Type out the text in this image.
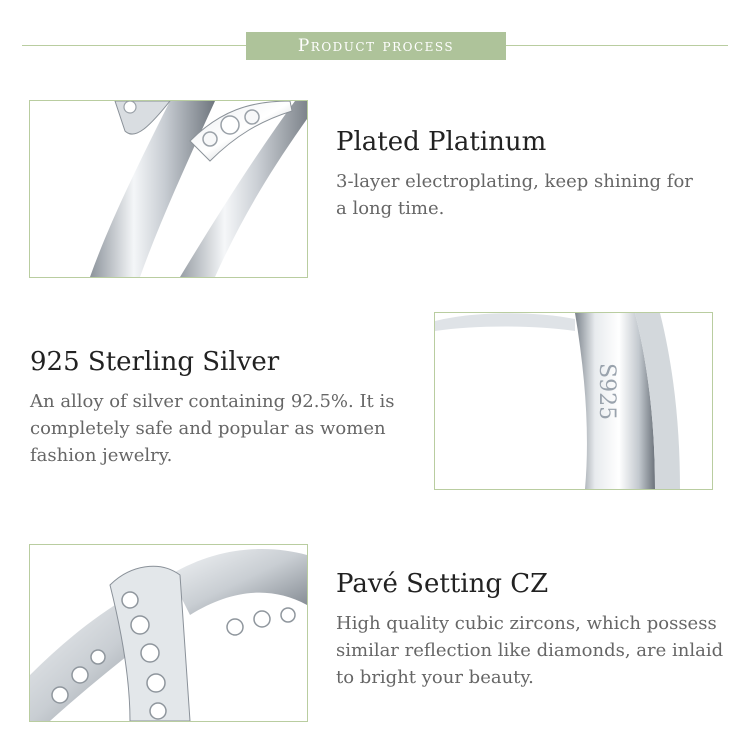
Product process
Plated Platinum
3-layer electroplating, keep shining for a long time.
925 Sterling Silver
An alloy of silver containing 92.5%. It is completely safe and popular as women fashion jewelry.
S925
Pavé Setting CZ
High quality cubic zircons, which possess similar reflection like diamonds, are inlaid to bright your beauty.
